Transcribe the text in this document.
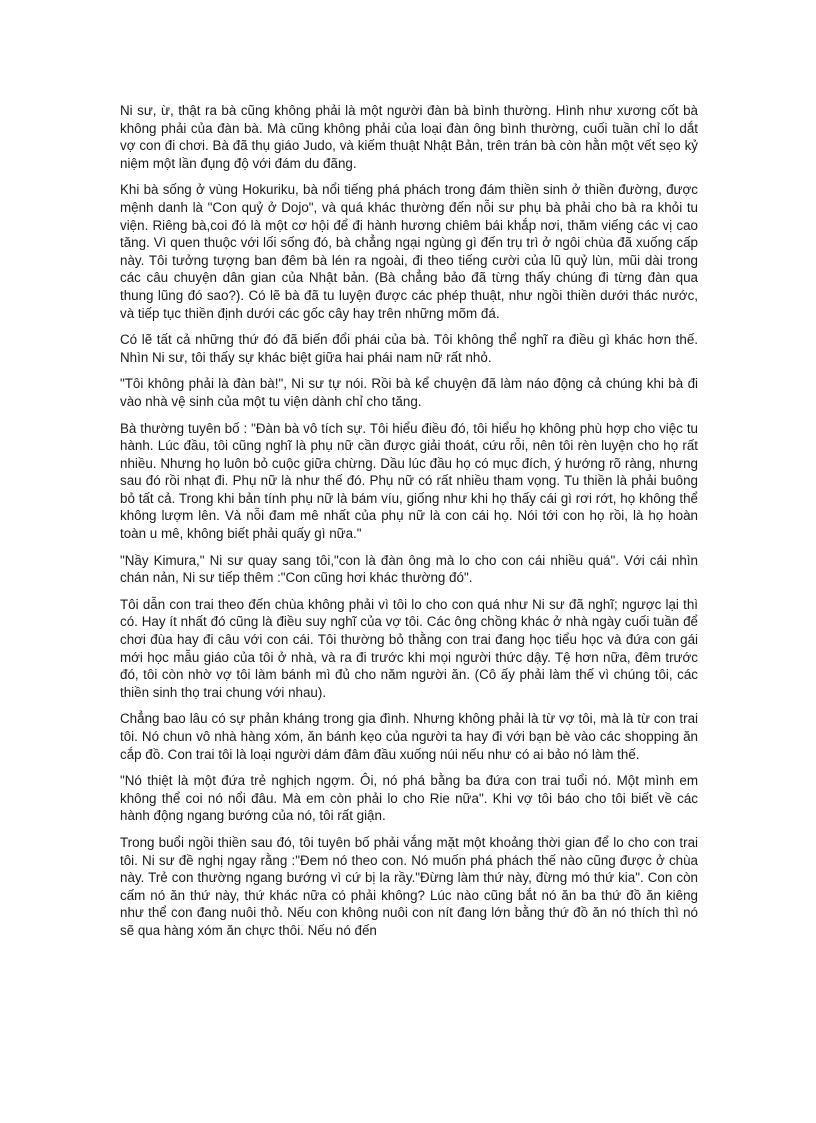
Ni sư, ừ, thật ra bà cũng không phải là một người đàn bà bình thường. Hình như xương cốt bà không phải của đàn bà. Mà cũng không phải của loại đàn ông bình thường, cuối tuần chỉ lo dắt vợ con đi chơi. Bà đã thụ giáo Judo, và kiếm thuật Nhật Bản, trên trán bà còn hằn một vết sẹo kỷ niệm một lần đụng độ với đám du đãng.

Khi bà sống ở vùng Hokuriku, bà nổi tiếng phá phách trong đám thiền sinh ở thiền đường, được mệnh danh là "Con quỷ ở Dojo", và quá khác thường đến nỗi sư phụ bà phải cho bà ra khỏi tu viện. Riêng bà,coi đó là một cơ hội để đi hành hương chiêm bái khắp nơi, thăm viếng các vị cao tăng. Vì quen thuộc với lối sống đó, bà chẳng ngại ngùng gì đến trụ trì ở ngôi chùa đã xuống cấp này. Tôi tưởng tượng ban đêm bà lén ra ngoài, đi theo tiếng cười của lũ quỷ lùn, mũi dài trong các câu chuyện dân gian của Nhật bản. (Bà chẳng bảo đã từng thấy chúng đi từng đàn qua thung lũng đó sao?). Có lẽ bà đã tu luyện được các phép thuật, như ngồi thiền dưới thác nước, và tiếp tục thiền định dưới các gốc cây hay trên những mõm đá.

Có lẽ tất cả những thứ đó đã biến đổi phái của bà. Tôi không thể nghĩ ra điều gì khác hơn thế. Nhìn Ni sư, tôi thấy sự khác biệt giữa hai phái nam nữ rất nhỏ.

"Tôi không phải là đàn bà!", Ni sư tự nói. Rồi bà kể chuyện đã làm náo động cả chúng khi bà đi vào nhà vệ sinh của một tu viện dành chỉ cho tăng.

Bà thường tuyên bố : "Đàn bà vô tích sự. Tôi hiểu điều đó, tôi hiểu họ không phù hợp cho việc tu hành. Lúc đầu, tôi cũng nghĩ là phụ nữ cần được giải thoát, cứu rỗi, nên tôi rèn luyện cho họ rất nhiều. Nhưng họ luôn bỏ cuộc giữa chừng. Dầu lúc đầu họ có mục đích, ý hướng rõ ràng, nhưng sau đó rồi nhạt đi. Phụ nữ là như thế đó. Phụ nữ có rất nhiều tham vọng. Tu thiền là phải buông bỏ tất cả. Trong khi bản tính phụ nữ là bám víu, giống như khi họ thấy cái gì rơi rớt, họ không thể không lượm lên. Và nỗi đam mê nhất của phụ nữ là con cái họ. Nói tới con họ rồi, là họ hoàn toàn u mê, không biết phải quấy gì nữa."

"Nầy Kimura," Ni sư quay sang tôi,"con là đàn ông mà lo cho con cái nhiều quá". Với cái nhìn chán nản, Ni sư tiếp thêm :"Con cũng hơi khác thường đó".

Tôi dẫn con trai theo đến chùa không phải vì tôi lo cho con quá như Ni sư đã nghĩ; ngược lại thì có. Hay ít nhất đó cũng là điều suy nghĩ của vợ tôi. Các ông chồng khác ở nhà ngày cuối tuần để chơi đùa hay đi câu với con cái. Tôi thường bỏ thằng con trai đang học tiểu học và đứa con gái mới học mẫu giáo của tôi ở nhà, và ra đi trước khi mọi người thức dậy. Tệ hơn nữa, đêm trước đó, tôi còn nhờ vợ tôi làm bánh mì đủ cho năm người ăn. (Cô ấy phải làm thế vì chúng tôi, các thiền sinh thọ trai chung với nhau).

Chẳng bao lâu có sự phản kháng trong gia đình. Nhưng không phải là từ vợ tôi, mà là từ con trai tôi. Nó chun vô nhà hàng xóm, ăn bánh kẹo của người ta hay đi với bạn bè vào các shopping ăn cắp đồ. Con trai tôi là loại người dám đâm đầu xuống núi nếu như có ai bảo nó làm thế.

"Nó thiệt là một đứa trẻ nghịch ngợm. Ôi, nó phá bằng ba đứa con trai tuổi nó. Một mình em không thể coi nó nổi đâu. Mà em còn phải lo cho Rie nữa". Khi vợ tôi báo cho tôi biết về các hành động ngang bướng của nó, tôi rất giận.

Trong buổi ngồi thiền sau đó, tôi tuyên bố phải vắng mặt một khoảng thời gian để lo cho con trai tôi. Ni sư đề nghị ngay rằng :"Đem nó theo con. Nó muốn phá phách thế nào cũng được ở chùa này. Trẻ con thường ngang bướng vì cứ bị la rầy."Đừng làm thứ này, đừng mó thứ kia". Con còn cấm nó ăn thứ này, thứ khác nữa có phải không? Lúc nào cũng bắt nó ăn ba thứ đồ ăn kiêng như thể con đang nuôi thỏ. Nếu con không nuôi con nít đang lớn bằng thứ đồ ăn nó thích thì nó sẽ qua hàng xóm ăn chực thôi. Nếu nó đến
